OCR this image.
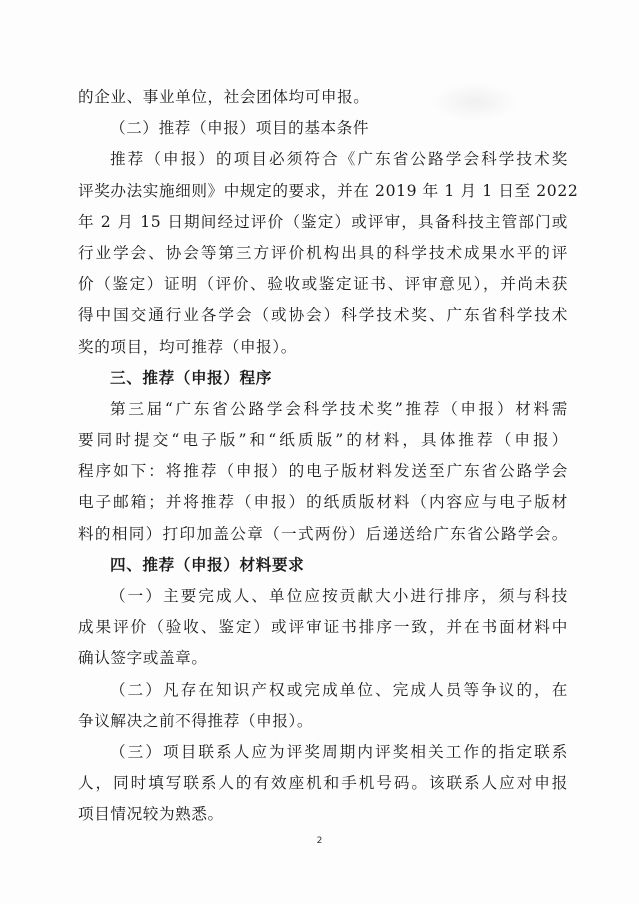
的企业、事业单位，社会团体均可申报。
（二）推荐（申报）项目的基本条件
推荐（申报）的项目必须符合《广东省公路学会科学技术奖
评奖办法实施细则》中规定的要求，并在 2019 年 1 月 1 日至 2022
年 2 月 15 日期间经过评价（鉴定）或评审，具备科技主管部门或
行业学会、协会等第三方评价机构出具的科学技术成果水平的评
价（鉴定）证明（评价、验收或鉴定证书、评审意见），并尚未获
得中国交通行业各学会（或协会）科学技术奖、广东省科学技术
奖的项目，均可推荐（申报）。
三、推荐（申报）程序
第三届“广东省公路学会科学技术奖”推荐（申报）材料需
要同时提交“电子版”和“纸质版”的材料，具体推荐（申报）
程序如下：将推荐（申报）的电子版材料发送至广东省公路学会
电子邮箱；并将推荐（申报）的纸质版材料（内容应与电子版材
料的相同）打印加盖公章（一式两份）后递送给广东省公路学会。
四、推荐（申报）材料要求
（一）主要完成人、单位应按贡献大小进行排序，须与科技
成果评价（验收、鉴定）或评审证书排序一致，并在书面材料中
确认签字或盖章。
（二）凡存在知识产权或完成单位、完成人员等争议的，在
争议解决之前不得推荐（申报）。
（三）项目联系人应为评奖周期内评奖相关工作的指定联系
人，同时填写联系人的有效座机和手机号码。该联系人应对申报
项目情况较为熟悉。
2
